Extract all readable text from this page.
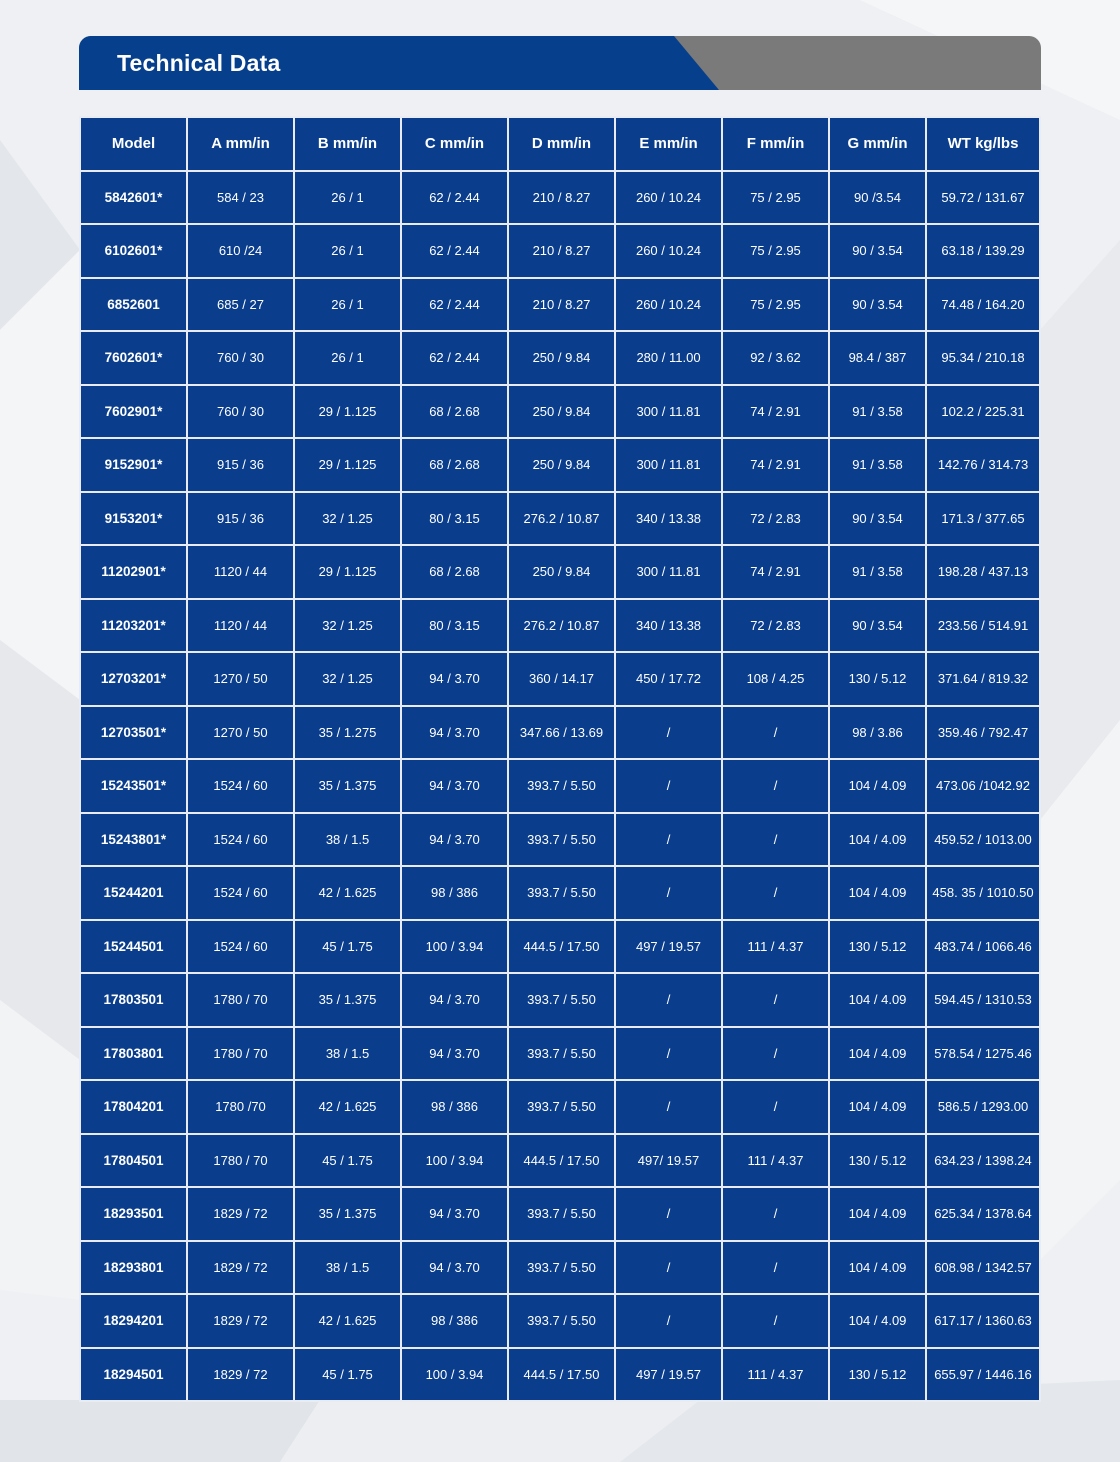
Technical Data
Model	A mm/in	B mm/in	C mm/in	D mm/in	E mm/in	F mm/in	G mm/in	WT kg/lbs
5842601*	584 / 23	26 / 1	62 / 2.44	210 / 8.27	260 / 10.24	75 / 2.95	90 /3.54	59.72 / 131.67
6102601*	610 /24	26 / 1	62 / 2.44	210 / 8.27	260 / 10.24	75 / 2.95	90 / 3.54	63.18 / 139.29
6852601	685 / 27	26 / 1	62 / 2.44	210 / 8.27	260 / 10.24	75 / 2.95	90 / 3.54	74.48 / 164.20
7602601*	760 / 30	26 / 1	62 / 2.44	250 / 9.84	280 / 11.00	92 / 3.62	98.4 / 387	95.34 / 210.18
7602901*	760 / 30	29 / 1.125	68 / 2.68	250 / 9.84	300 / 11.81	74 / 2.91	91 / 3.58	102.2 / 225.31
9152901*	915 / 36	29 / 1.125	68 / 2.68	250 / 9.84	300 / 11.81	74 / 2.91	91 / 3.58	142.76 / 314.73
9153201*	915 / 36	32 / 1.25	80 / 3.15	276.2 / 10.87	340 / 13.38	72 / 2.83	90 / 3.54	171.3 / 377.65
11202901*	1120 / 44	29 / 1.125	68 / 2.68	250 / 9.84	300 / 11.81	74 / 2.91	91 / 3.58	198.28 / 437.13
11203201*	1120 / 44	32 / 1.25	80 / 3.15	276.2 / 10.87	340 / 13.38	72 / 2.83	90 / 3.54	233.56 / 514.91
12703201*	1270 / 50	32 / 1.25	94 / 3.70	360 / 14.17	450 / 17.72	108 / 4.25	130 / 5.12	371.64 / 819.32
12703501*	1270 / 50	35 / 1.275	94 / 3.70	347.66 / 13.69	/	/	98 / 3.86	359.46 / 792.47
15243501*	1524 / 60	35 / 1.375	94 / 3.70	393.7 / 5.50	/	/	104 / 4.09	473.06 /1042.92
15243801*	1524 / 60	38 / 1.5	94 / 3.70	393.7 / 5.50	/	/	104 / 4.09	459.52 / 1013.00
15244201	1524 / 60	42 / 1.625	98 / 386	393.7 / 5.50	/	/	104 / 4.09	458. 35 / 1010.50
15244501	1524 / 60	45 / 1.75	100 / 3.94	444.5 / 17.50	497 / 19.57	111 / 4.37	130 / 5.12	483.74 / 1066.46
17803501	1780 / 70	35 / 1.375	94 / 3.70	393.7 / 5.50	/	/	104 / 4.09	594.45 / 1310.53
17803801	1780 / 70	38 / 1.5	94 / 3.70	393.7 / 5.50	/	/	104 / 4.09	578.54 / 1275.46
17804201	1780 /70	42 / 1.625	98 / 386	393.7 / 5.50	/	/	104 / 4.09	586.5 / 1293.00
17804501	1780 / 70	45 / 1.75	100 / 3.94	444.5 / 17.50	497/ 19.57	111 / 4.37	130 / 5.12	634.23 / 1398.24
18293501	1829 / 72	35 / 1.375	94 / 3.70	393.7 / 5.50	/	/	104 / 4.09	625.34 / 1378.64
18293801	1829 / 72	38 / 1.5	94 / 3.70	393.7 / 5.50	/	/	104 / 4.09	608.98 / 1342.57
18294201	1829 / 72	42 / 1.625	98 / 386	393.7 / 5.50	/	/	104 / 4.09	617.17 / 1360.63
18294501	1829 / 72	45 / 1.75	100 / 3.94	444.5 / 17.50	497 / 19.57	111 / 4.37	130 / 5.12	655.97 / 1446.16
